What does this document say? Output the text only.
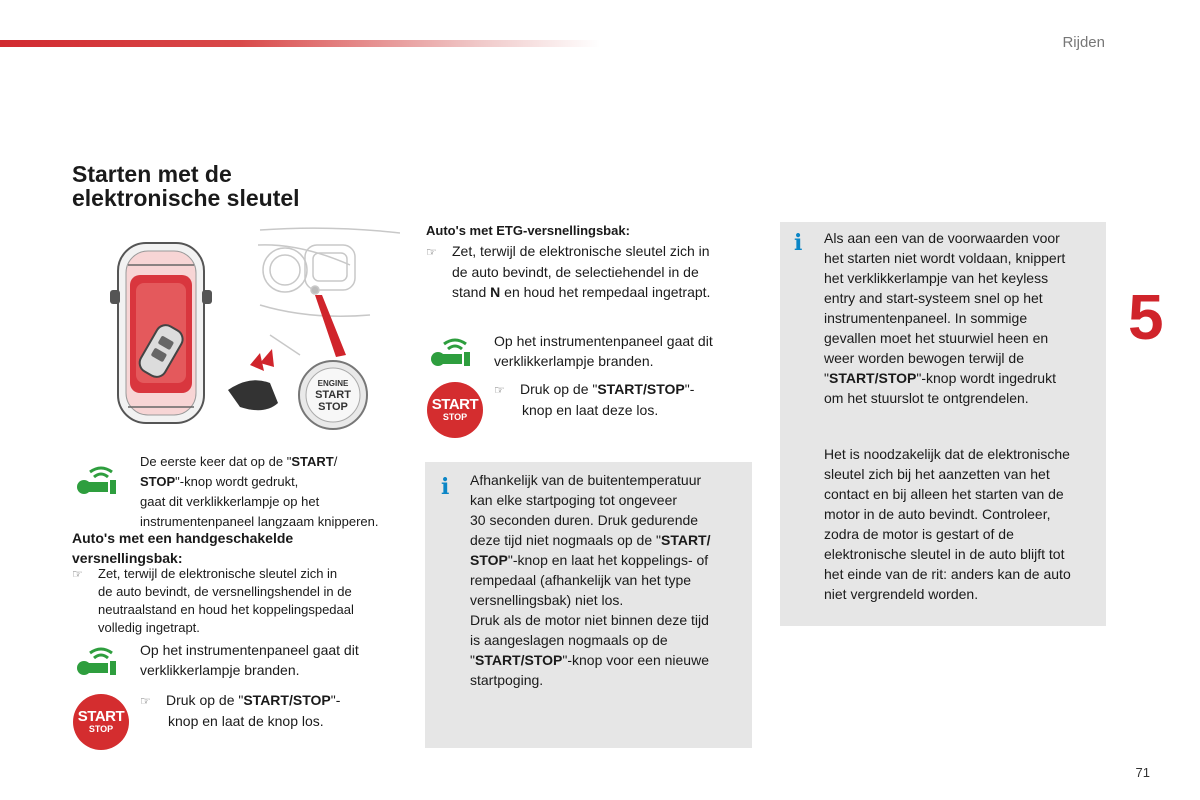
Rijden
5
71
Starten met de
elektronische sleutel
ENGINE
START
STOP
De eerste keer dat op de "START/
STOP"-knop wordt gedrukt,
gaat dit verklikkerlampje op het
instrumentenpaneel langzaam knipperen.
Auto's met een handgeschakelde
versnellingsbak:
☞ Zet, terwijl de elektronische sleutel zich in
de auto bevindt, de versnellingshendel in de
neutraalstand en houd het koppelingspedaal
volledig ingetrapt.
Op het instrumentenpaneel gaat dit
verklikkerlampje branden.
START
STOP
☞ Druk op de "START/STOP"-
knop en laat de knop los.
Auto's met ETG-versnellingsbak:
☞ Zet, terwijl de elektronische sleutel zich in
de auto bevindt, de selectiehendel in de
stand N en houd het rempedaal ingetrapt.
Op het instrumentenpaneel gaat dit
verklikkerlampje branden.
START
STOP
☞ Druk op de "START/STOP"-
knop en laat deze los.
i Afhankelijk van de buitentemperatuur
kan elke startpoging tot ongeveer
30 seconden duren. Druk gedurende
deze tijd niet nogmaals op de "START/
STOP"-knop en laat het koppelings- of
rempedaal (afhankelijk van het type
versnellingsbak) niet los.
Druk als de motor niet binnen deze tijd
is aangeslagen nogmaals op de
"START/STOP"-knop voor een nieuwe
startpoging.
i Als aan een van de voorwaarden voor
het starten niet wordt voldaan, knippert
het verklikkerlampje van het keyless
entry and start-systeem snel op het
instrumentenpaneel. In sommige
gevallen moet het stuurwiel heen en
weer worden bewogen terwijl de
"START/STOP"-knop wordt ingedrukt
om het stuurslot te ontgrendelen.
Het is noodzakelijk dat de elektronische
sleutel zich bij het aanzetten van het
contact en bij alleen het starten van de
motor in de auto bevindt. Controleer,
zodra de motor is gestart of de
elektronische sleutel in de auto blijft tot
het einde van de rit: anders kan de auto
niet vergrendeld worden.
